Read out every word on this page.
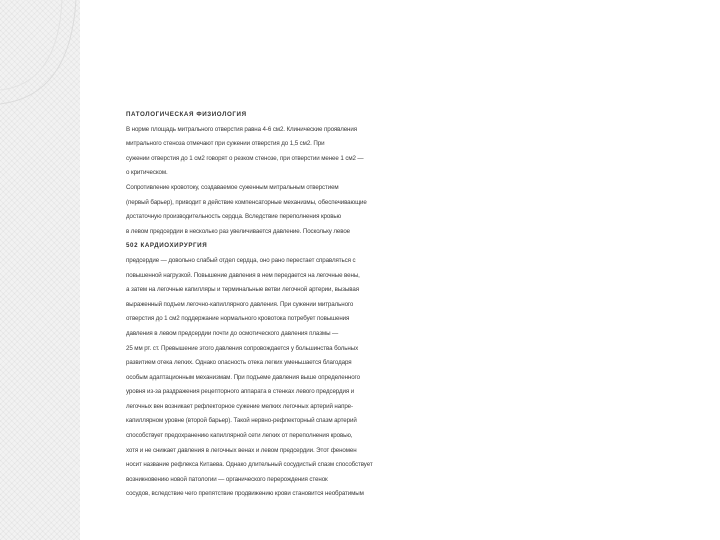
ПАТОЛОГИЧЕСКАЯ ФИЗИОЛОГИЯ
В норме площадь митрального отверстия равна 4-6 см2. Клинические проявления
митрального стеноза отмечают при сужении отверстия до 1,5 см2. При
сужении отверстия до 1 см2 говорят о резком стенозе, при отверстии менее 1 см2 —
о критическом.
Сопротивление кровотоку, создаваемое суженным митральным отверстием
(первый барьер), приводит в действие компенсаторные механизмы, обеспечивающие
достаточную производительность сердца. Вследствие переполнения кровью
в левом предсердии в несколько раз увеличивается давление. Поскольку левое
502 КАРДИОХИРУРГИЯ
предсердие — довольно слабый отдел сердца, оно рано перестает справляться с
повышенной нагрузкой. Повышение давления в нем передается на легочные вены,
а затем на легочные капилляры и терминальные ветви легочной артерии, вызывая
выраженный подъем легочно-капиллярного давления. При сужении митрального
отверстия до 1 см2 поддержание нормального кровотока потребует повышения
давления в левом предсердии почти до осмотического давления плазмы —
25 мм рт. ст. Превышение этого давления сопровождается у большинства больных
развитием отека легких. Однако опасность отека легких уменьшается благодаря
особым адаптационным механизмам. При подъеме давления выше определенного
уровня из-за раздражения рецепторного аппарата в стенках левого предсердия и
легочных вен возникает рефлекторное сужение мелких легочных артерий напре-
капиллярном уровне (второй барьер). Такой нервно-рефлекторный спазм артерий
способствует предохранению капиллярной сети легких от переполнения кровью,
хотя и не снижает давления в легочных венах и левом предсердии. Этот феномен
носит название рефлекса Китаева. Однако длительный сосудистый спазм способствует
возникновению новой патологии — органического перерождения стенок
сосудов, вследствие чего препятствие продвижению крови становится необратимым
